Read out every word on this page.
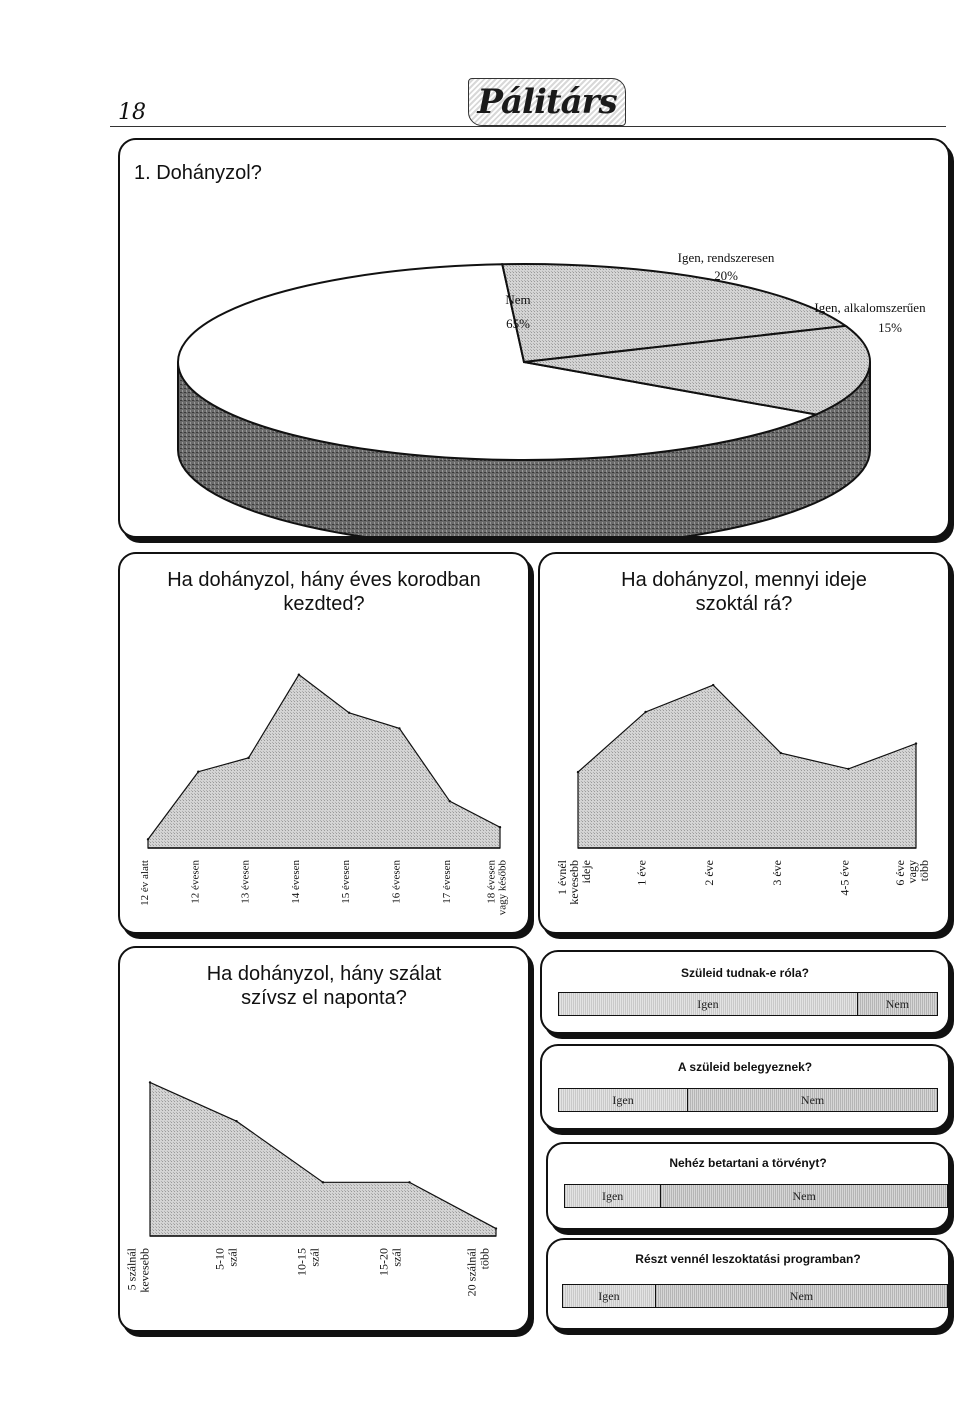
18	Pálitárs
1. Dohányzol?
Nem
65%
Igen, rendszeresen
20%
Igen, alkalomszerűen
15%
Ha dohányzol, hány éves korodban kezdted?
12 év alatt	12 évesen	13 évesen	14 évesen	15 évesen	16 évesen	17 évesen	18 évesen vagy később
Ha dohányzol, mennyi ideje szoktál rá?
1 évnél
kevesebb
ideje	1 éve	2 éve	3 éve	4-5 éve	6 éve
vagy
több
Ha dohányzol, hány szálat szívsz el naponta?
5 szálnál kevesebb	5-10 szál	10-15 szál	15-20 szál	20 szálnál több
Szüleid tudnak-e róla?
Igen	Nem
A szüleid belegyeznek?
Igen	Nem
Nehéz betartani a törvényt?
Igen	Nem
Részt vennél leszoktatási programban?
Igen	Nem
